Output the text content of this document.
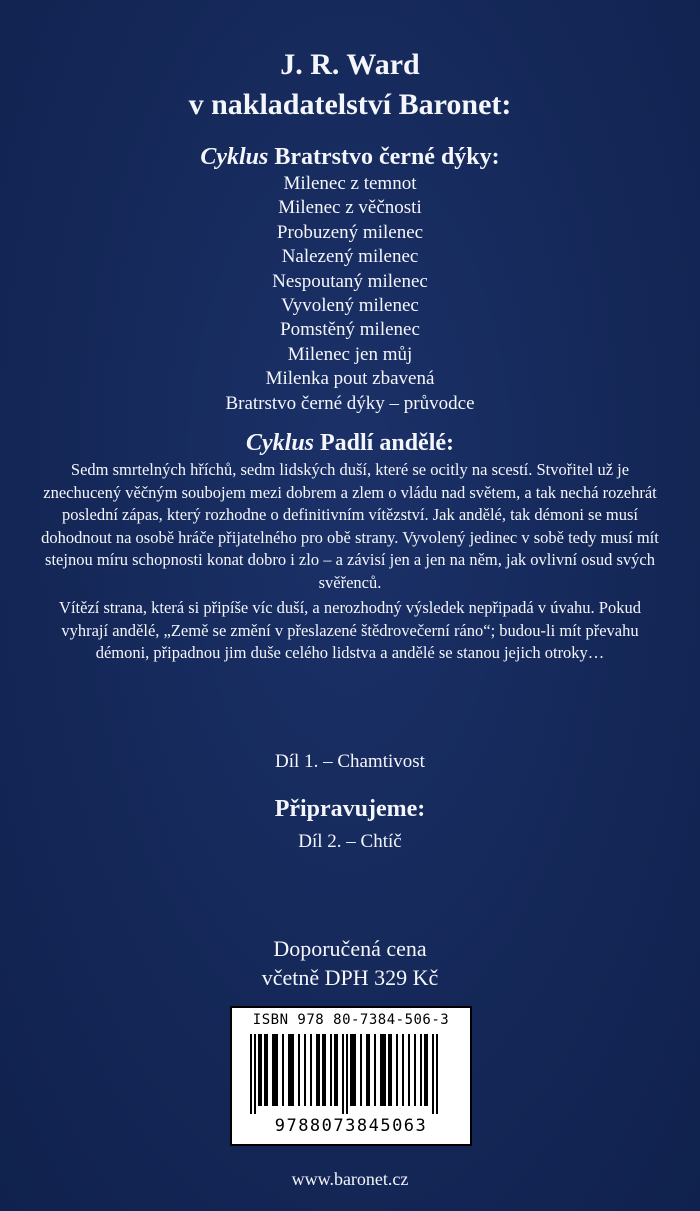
J. R. Ward
v nakladatelství Baronet:
Cyklus Bratrstvo černé dýky:
Milenec z temnot
Milenec z věčnosti
Probuzený milenec
Nalezený milenec
Nespoutaný milenec
Vyvolený milenec
Pomstěný milenec
Milenec jen můj
Milenka pout zbavená
Bratrstvo černé dýky – průvodce
Cyklus Padlí andělé:

Sedm smrtelných hříchů, sedm lidských duší, které se ocitly na scestí. Stvořitel už je znechucený věčným soubojem mezi dobrem a zlem o vládu nad světem, a tak nechá rozehrát poslední zápas, který rozhodne o definitivním vítězství. Jak andělé, tak démoni se musí dohodnout na osobě hráče přijatelného pro obě strany. Vyvolený jedinec v sobě tedy musí mít stejnou míru schopnosti konat dobro i zlo – a závisí jen a jen na něm, jak ovlivní osud svých svěřenců.

Vítězí strana, která si připíše víc duší, a nerozhodný výsledek nepřipadá v úvahu. Pokud vyhrají andělé, „Země se změní v přeslazené štědrovečerní ráno“; budou-li mít převahu démoni, připadnou jim duše celého lidstva a andělé se stanou jejich otroky…

Díl 1. – Chamtivost
Připravujeme:
Díl 2. – Chtíč
Doporučená cena
včetně DPH 329 Kč
ISBN 978 80-7384-506-3
9788073845063
www.baronet.cz
